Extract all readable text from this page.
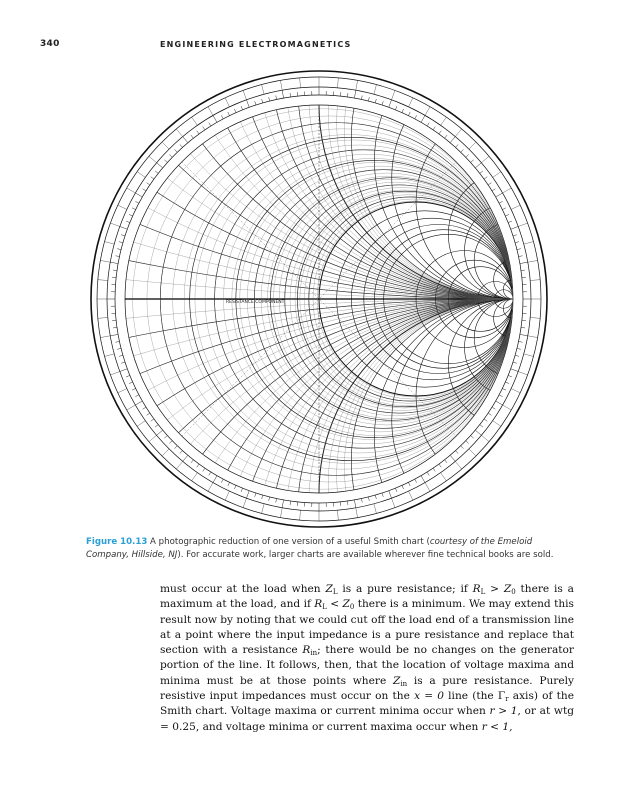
340	ENGINEERING ELECTROMAGNETICS
RESISTANCE COMPONENT
Figure 10.13 A photographic reduction of one version of a useful Smith chart (courtesy of the Emeloid Company, Hillside, NJ). For accurate work, larger charts are available wherever fine technical books are sold.

must occur at the load when $Z_L$ is a pure resistance; if $R_L > Z_0$ there is a maximum at the load, and if $R_L < Z_0$ there is a minimum. We may extend this result now by noting that we could cut off the load end of a transmission line at a point where the input impedance is a pure resistance and replace that section with a resistance $R_{in}$; there would be no changes on the generator portion of the line. It follows, then, that the location of voltage maxima and minima must be at those points where $Z_{in}$ is a pure resistance. Purely resistive input impedances must occur on the x = 0 line (the $\Gamma_r$ axis) of the Smith chart. Voltage maxima or current minima occur when r > 1, or at wtg = 0.25, and voltage minima or current maxima occur when r < 1,
